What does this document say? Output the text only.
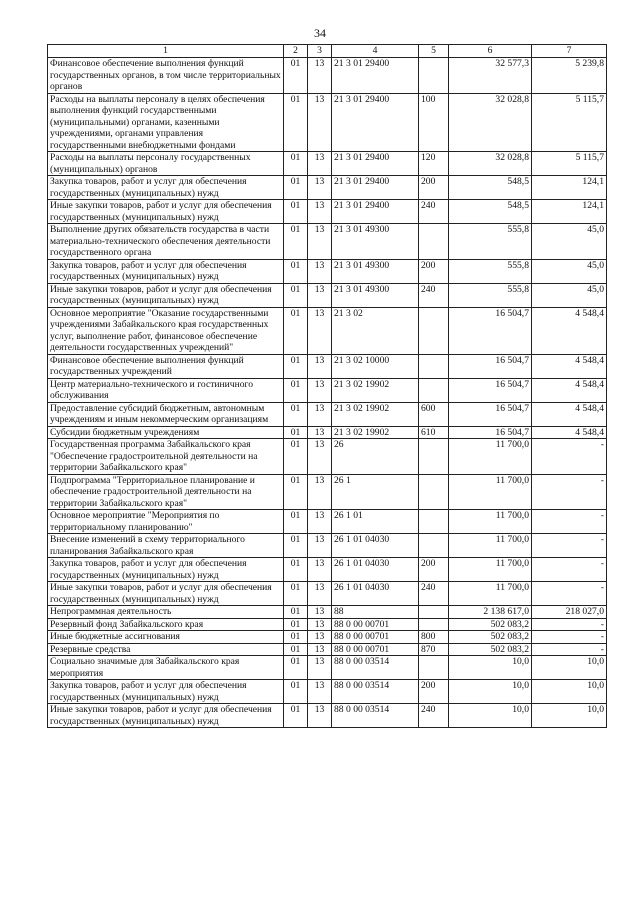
34
1	2	3	4	5	6	7
Финансовое обеспечение выполнения функций государственных органов, в том числе территориальных органов	01	13	21 3 01 29400		32 577,3	5 239,8
Расходы на выплаты персоналу в целях обеспечения выполнения функций государственными (муниципальными) органами, казенными учреждениями, органами управления государственными внебюджетными фондами	01	13	21 3 01 29400	100	32 028,8	5 115,7
Расходы на выплаты персоналу государственных (муниципальных) органов	01	13	21 3 01 29400	120	32 028,8	5 115,7
Закупка товаров, работ и услуг для обеспечения государственных (муниципальных) нужд	01	13	21 3 01 29400	200	548,5	124,1
Иные закупки товаров, работ и услуг для обеспечения государственных (муниципальных) нужд	01	13	21 3 01 29400	240	548,5	124,1
Выполнение других обязательств государства в части материально-технического обеспечения деятельности государственного органа	01	13	21 3 01 49300		555,8	45,0
Закупка товаров, работ и услуг для обеспечения государственных (муниципальных) нужд	01	13	21 3 01 49300	200	555,8	45,0
Иные закупки товаров, работ и услуг для обеспечения государственных (муниципальных) нужд	01	13	21 3 01 49300	240	555,8	45,0
Основное мероприятие "Оказание государственными учреждениями Забайкальского края государственных услуг, выполнение работ, финансовое обеспечение деятельности государственных учреждений"	01	13	21 3 02		16 504,7	4 548,4
Финансовое обеспечение выполнения функций государственных учреждений	01	13	21 3 02 10000		16 504,7	4 548,4
Центр материально-технического и гостиничного обслуживания	01	13	21 3 02 19902		16 504,7	4 548,4
Предоставление субсидий бюджетным, автономным учреждениям и иным некоммерческим организациям	01	13	21 3 02 19902	600	16 504,7	4 548,4
Субсидии бюджетным учреждениям	01	13	21 3 02 19902	610	16 504,7	4 548,4
Государственная программа Забайкальского края "Обеспечение градостроительной деятельности на территории Забайкальского края"	01	13	26		11 700,0	-
Подпрограмма "Территориальное планирование и обеспечение градостроительной деятельности на территории Забайкальского края"	01	13	26 1		11 700,0	-
Основное мероприятие "Мероприятия по территориальному планированию"	01	13	26 1 01		11 700,0	-
Внесение изменений в схему территориального планирования Забайкальского края	01	13	26 1 01 04030		11 700,0	-
Закупка товаров, работ и услуг для обеспечения государственных (муниципальных) нужд	01	13	26 1 01 04030	200	11 700,0	-
Иные закупки товаров, работ и услуг для обеспечения государственных (муниципальных) нужд	01	13	26 1 01 04030	240	11 700,0	-
Непрограммная деятельность	01	13	88		2 138 617,0	218 027,0
Резервный фонд Забайкальского края	01	13	88 0 00 00701		502 083,2	-
Иные бюджетные ассигнования	01	13	88 0 00 00701	800	502 083,2	-
Резервные средства	01	13	88 0 00 00701	870	502 083,2	-
Социально значимые для Забайкальского края мероприятия	01	13	88 0 00 03514		10,0	10,0
Закупка товаров, работ и услуг для обеспечения государственных (муниципальных) нужд	01	13	88 0 00 03514	200	10,0	10,0
Иные закупки товаров, работ и услуг для обеспечения государственных (муниципальных) нужд	01	13	88 0 00 03514	240	10,0	10,0
